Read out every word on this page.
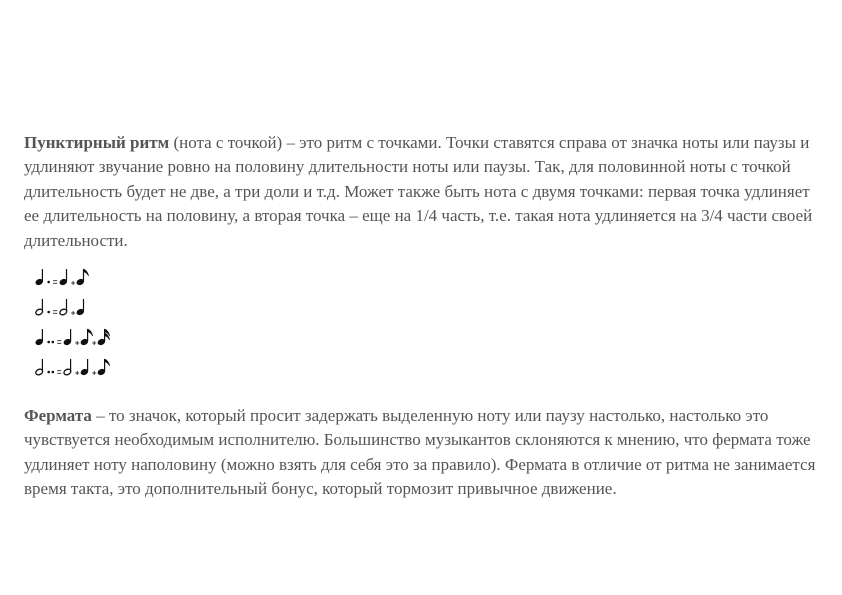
Пунктирный ритм (нота с точкой) – это ритм с точками. Точки ставятся справа от значка ноты или паузы и удлиняют звучание ровно на половину длительности ноты или паузы. Так, для половинной ноты с точкой длительность будет не две, а три доли и т.д. Может также быть нота с двумя точками: первая точка удлиняет ее длительность на половину, а вторая точка – еще на 1/4 часть, т.е. такая нота удлиняется на 3/4 части своей длительности.

Фермата – то значок, который просит задержать выделенную ноту или паузу настолько, настолько это чувствуется необходимым исполнителю. Большинство музыкантов склоняются к мнению, что фермата тоже удлиняет ноту наполовину (можно взять для себя это за правило). Фермата в отличие от ритма не занимается время такта, это дополнительный бонус, который тормозит привычное движение.
